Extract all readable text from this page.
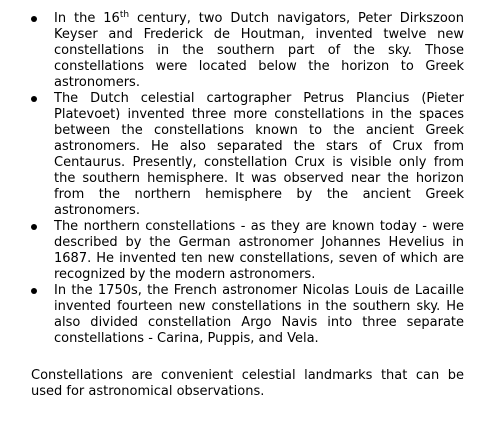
In the 16th century, two Dutch navigators, Peter Dirkszoon Keyser and Frederick de Houtman, invented twelve new constellations in the southern part of the sky. Those constellations were located below the horizon to Greek astronomers.
The Dutch celestial cartographer Petrus Plancius (Pieter Platevoet) invented three more constellations in the spaces between the constellations known to the ancient Greek astronomers. He also separated the stars of Crux from Centaurus. Presently, constellation Crux is visible only from the southern hemisphere. It was observed near the horizon from the northern hemisphere by the ancient Greek astronomers.
The northern constellations - as they are known today - were described by the German astronomer Johannes Hevelius in 1687. He invented ten new constellations, seven of which are recognized by the modern astronomers.
In the 1750s, the French astronomer Nicolas Louis de Lacaille invented fourteen new constellations in the southern sky. He also divided constellation Argo Navis into three separate constellations - Carina, Puppis, and Vela.

Constellations are convenient celestial landmarks that can be used for astronomical observations.
